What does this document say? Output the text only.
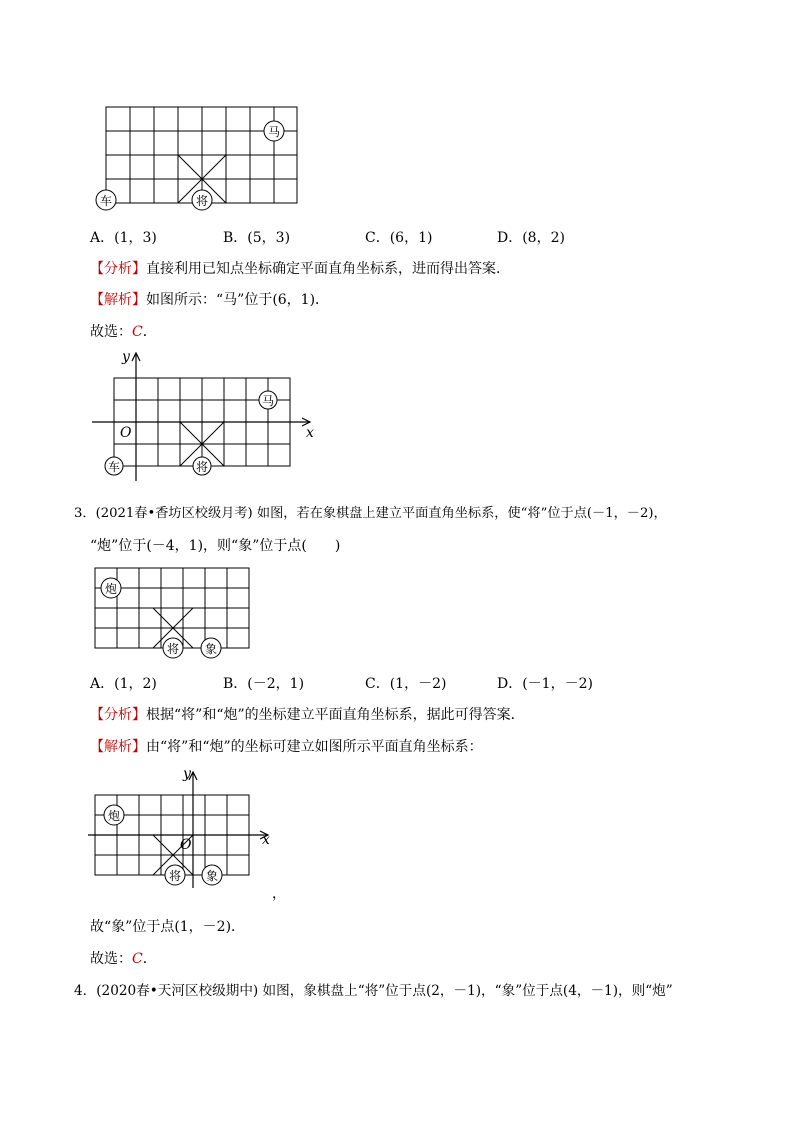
马
车	将
A．(1，3)	B．(5，3)	C．(6，1)	D．(8，2)
【分析】直接利用已知点坐标确定平面直角坐标系，进而得出答案．
【解析】如图所示：“马”位于(6，1)．
故选：C．
y
x
O
马
车	将
3．(2021春•香坊区校级月考) 如图，若在象棋盘上建立平面直角坐标系，使“将”位于点(－1，－2)，
“炮”位于(－4，1)，则“象”位于点(　　)
炮
将 象
A．(1，2)	B．(－2，1)	C．(1，－2)	D．(－1，－2)
【分析】根据“将”和“炮”的坐标建立平面直角坐标系，据此可得答案．
【解析】由“将”和“炮”的坐标可建立如图所示平面直角坐标系：
y
x
O
炮
将 象
，
故“象”位于点(1，－2)．
故选：C．
4．(2020春•天河区校级期中) 如图，象棋盘上“将”位于点(2，－1)，“象”位于点(4，－1)，则“炮”
